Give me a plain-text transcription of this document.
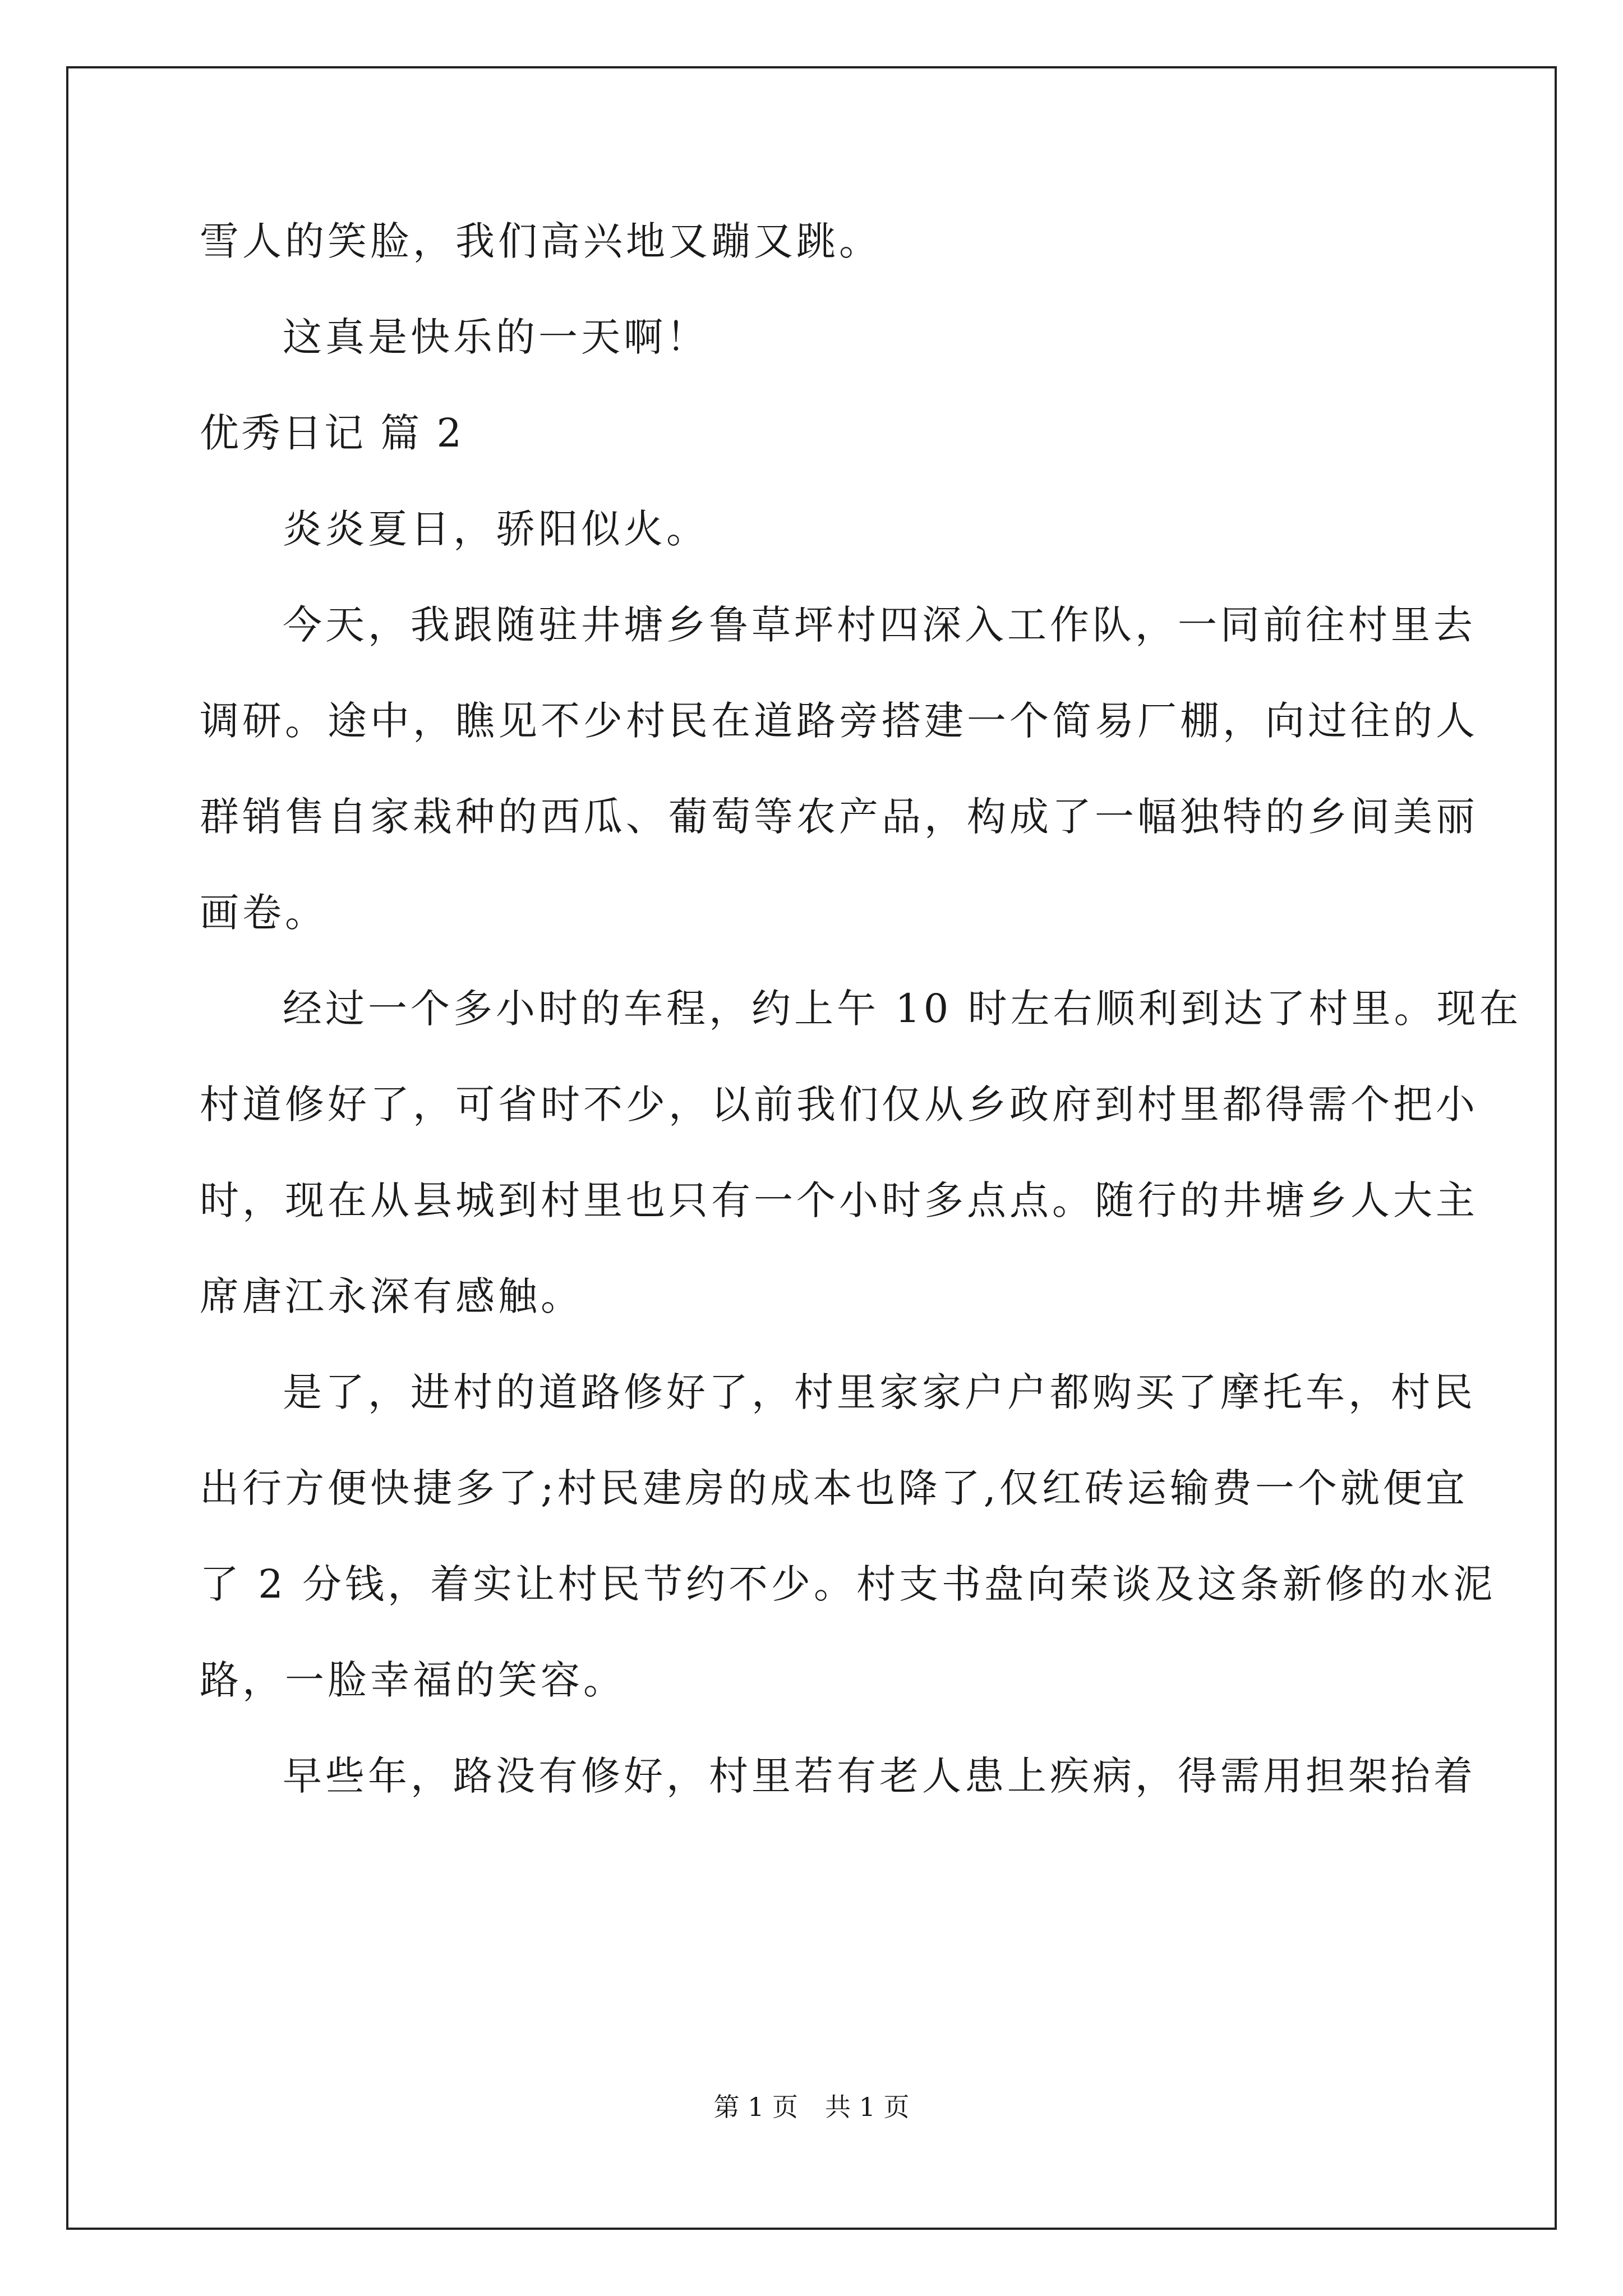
雪人的笑脸，我们高兴地又蹦又跳。
这真是快乐的一天啊！
优秀日记 篇 2
炎炎夏日，骄阳似火。
今天，我跟随驻井塘乡鲁草坪村四深入工作队，一同前往村里去
调研。途中，瞧见不少村民在道路旁搭建一个简易厂棚，向过往的人
群销售自家栽种的西瓜、葡萄等农产品，构成了一幅独特的乡间美丽
画卷。
经过一个多小时的车程，约上午 10 时左右顺利到达了村里。现在
村道修好了，可省时不少，以前我们仅从乡政府到村里都得需个把小
时，现在从县城到村里也只有一个小时多点点。随行的井塘乡人大主
席唐江永深有感触。
是了，进村的道路修好了，村里家家户户都购买了摩托车，村民
出行方便快捷多了;村民建房的成本也降了,仅红砖运输费一个就便宜
了 2 分钱，着实让村民节约不少。村支书盘向荣谈及这条新修的水泥
路，一脸幸福的笑容。
早些年，路没有修好，村里若有老人患上疾病，得需用担架抬着
第 1 页 共 1 页
